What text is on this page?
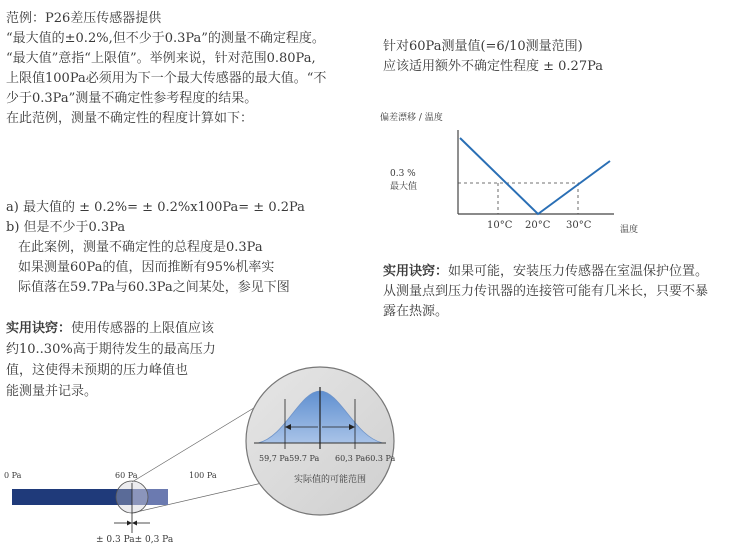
范例：P26差压传感器提供
“最大值的±0.2%,但不少于0.3Pa”的测量不确定程度。
“最大值”意指“上限值”。举例来说，针对范围0.80Pa,
上限值100Pa必须用为下一个最大传感器的最大值。“不
少于0.3Pa”测量不确定性参考程度的结果。
在此范例，测量不确定性的程度计算如下：
a) 最大值的 ± 0.2%= ± 0.2%x100Pa= ± 0.2Pa
b) 但是不少于0.3Pa
在此案例，测量不确定性的总程度是0.3Pa
如果测量60Pa的值，因而推断有95%机率实
际值落在59.7Pa与60.3Pa之间某处，参见下图
实用诀窍：使用传感器的上限值应该
约10..30%高于期待发生的最高压力
值，这使得未预期的压力峰值也
能测量并记录。
针对60Pa测量值(=6/10测量范围)
应该适用额外不确定性程度 ± 0.27Pa
偏差漂移 / 温度
0.3 %
最大值
10°C 20°C 30°C	温度
实用诀窍：如果可能，安装压力传感器在室温保护位置。
从测量点到压力传讯器的连接管可能有几米长，只要不暴
露在热源。
59,7 Pa59.7 Pa 60,3 Pa60.3 Pa
实际值的可能范围
0 Pa	60 Pa	100 Pa
± 0.3 Pa± 0,3 Pa
